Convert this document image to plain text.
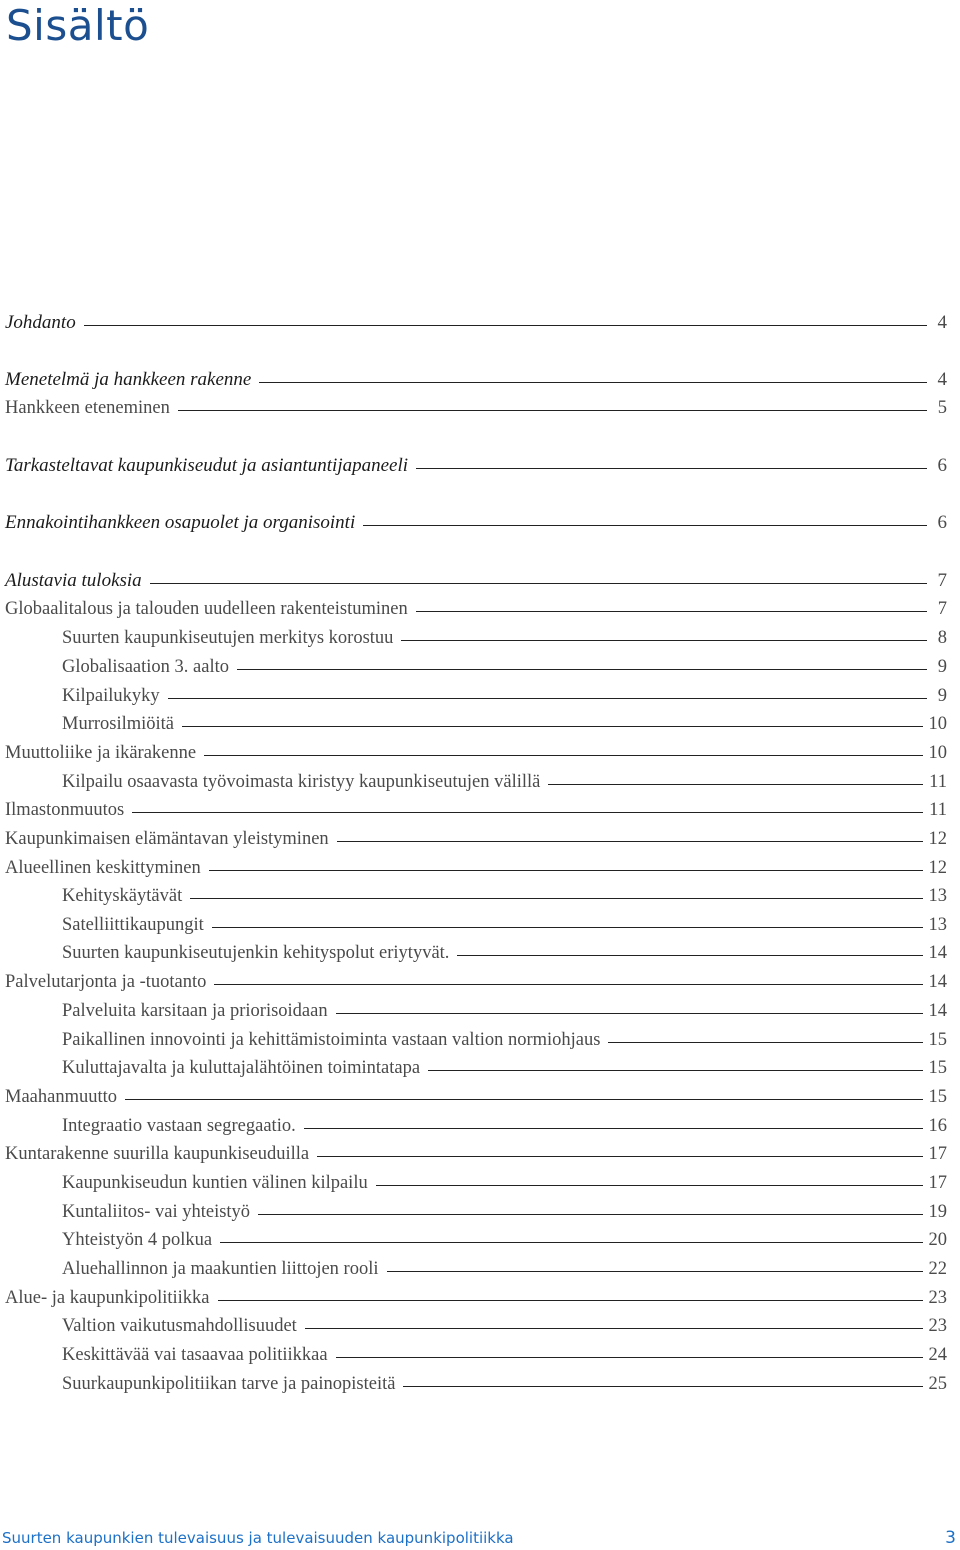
Sisältö
Johdanto	4
Menetelmä ja hankkeen rakenne	4
Hankkeen eteneminen	5
Tarkasteltavat kaupunkiseudut ja asiantuntijapaneeli	6
Ennakointihankkeen osapuolet ja organisointi	6
Alustavia tuloksia	7
Globaalitalous ja talouden uudelleen rakenteistuminen	7
Suurten kaupunkiseutujen merkitys korostuu	8
Globalisaation 3. aalto	9
Kilpailukyky	9
Murrosilmiöitä	10
Muuttoliike ja ikärakenne	10
Kilpailu osaavasta työvoimasta kiristyy kaupunkiseutujen välillä	11
Ilmastonmuutos	11
Kaupunkimaisen elämäntavan yleistyminen	12
Alueellinen keskittyminen	12
Kehityskäytävät	13
Satelliittikaupungit	13
Suurten kaupunkiseutujenkin kehityspolut eriytyvät.	14
Palvelutarjonta ja -tuotanto	14
Palveluita karsitaan ja priorisoidaan	14
Paikallinen innovointi ja kehittämistoiminta vastaan valtion normiohjaus	15
Kuluttajavalta ja kuluttajalähtöinen toimintatapa	15
Maahanmuutto	15
Integraatio vastaan segregaatio.	16
Kuntarakenne suurilla kaupunkiseuduilla	17
Kaupunkiseudun kuntien välinen kilpailu	17
Kuntaliitos- vai yhteistyö	19
Yhteistyön 4 polkua	20
Aluehallinnon ja maakuntien liittojen rooli	22
Alue- ja kaupunkipolitiikka	23
Valtion vaikutusmahdollisuudet	23
Keskittävää vai tasaavaa politiikkaa	24
Suurkaupunkipolitiikan tarve ja painopisteitä	25
Suurten kaupunkien tulevaisuus ja tulevaisuuden kaupunkipolitiikka	3
